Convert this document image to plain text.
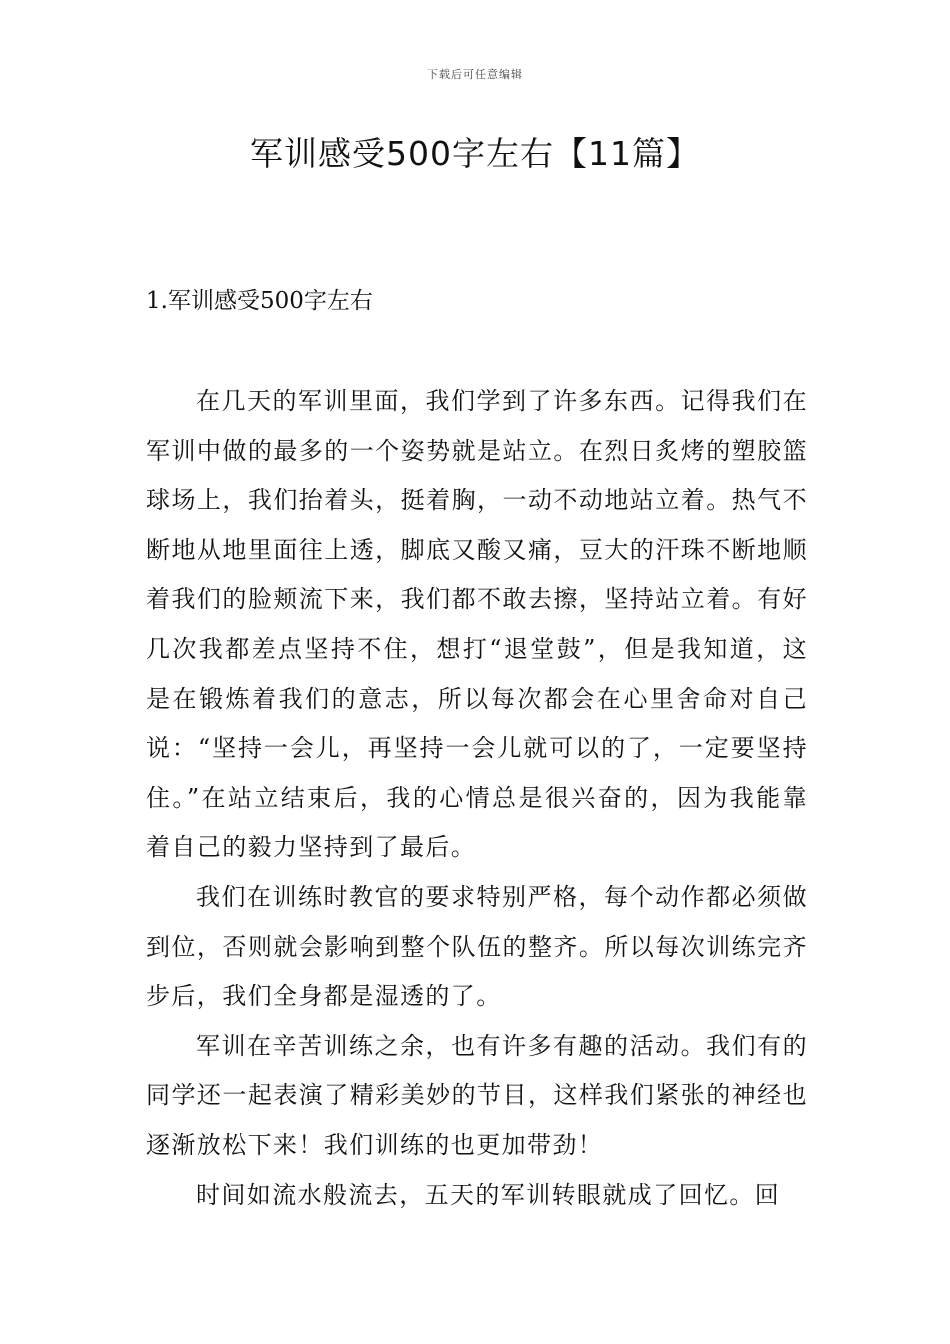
下载后可任意编辑
军训感受500字左右【11篇】
1.军训感受500字左右

在几天的军训里面，我们学到了许多东西。记得我们在军训中做的最多的一个姿势就是站立。在烈日炙烤的塑胶篮球场上，我们抬着头，挺着胸，一动不动地站立着。热气不断地从地里面往上透，脚底又酸又痛，豆大的汗珠不断地顺着我们的脸颊流下来，我们都不敢去擦，坚持站立着。有好几次我都差点坚持不住，想打“退堂鼓”，但是我知道，这是在锻炼着我们的意志，所以每次都会在心里舍命对自己说：“坚持一会儿，再坚持一会儿就可以的了，一定要坚持住。”在站立结束后，我的心情总是很兴奋的，因为我能靠着自己的毅力坚持到了最后。

我们在训练时教官的要求特别严格，每个动作都必须做到位，否则就会影响到整个队伍的整齐。所以每次训练完齐步后，我们全身都是湿透的了。

军训在辛苦训练之余，也有许多有趣的活动。我们有的同学还一起表演了精彩美妙的节目，这样我们紧张的神经也逐渐放松下来！我们训练的也更加带劲！

时间如流水般流去，五天的军训转眼就成了回忆。回
